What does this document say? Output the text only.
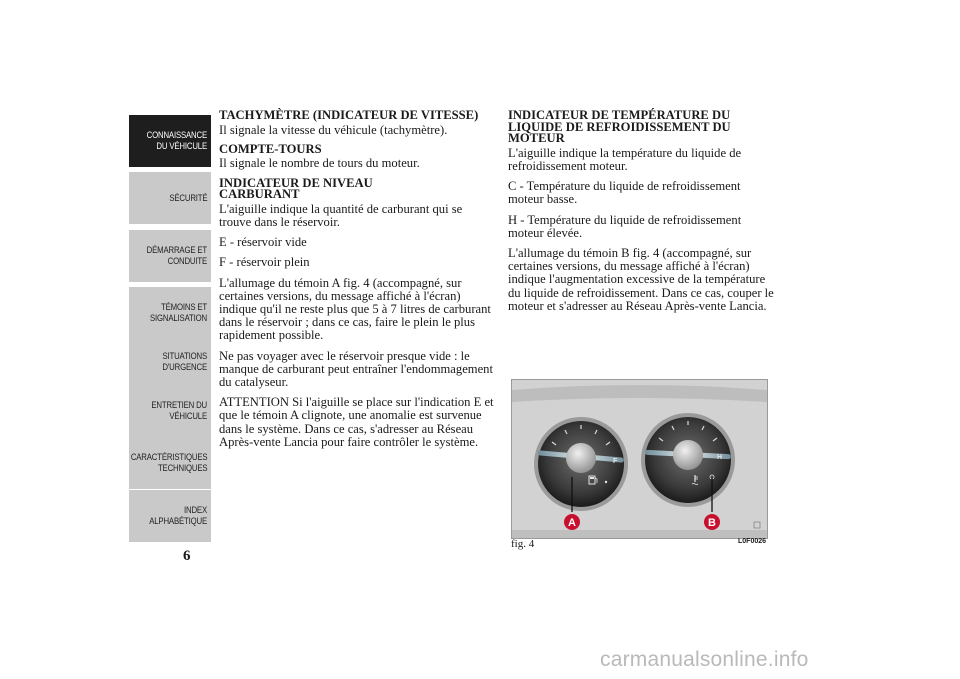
CONNAISSANCE DU VÉHICULE
SÉCURITÉ
DÉMARRAGE ET CONDUITE
TÉMOINS ET SIGNALISATION
SITUATIONS D'URGENCE
ENTRETIEN DU VÉHICULE
CARACTÉRISTIQUES TECHNIQUES
INDEX ALPHABÉTIQUE
6
TACHYMÈTRE (INDICATEUR DE VITESSE)

Il signale la vitesse du véhicule (tachymètre).

COMPTE-TOURS

Il signale le nombre de tours du moteur.

INDICATEUR DE NIVEAU CARBURANT

L'aiguille indique la quantité de carburant qui se trouve dans le réservoir.

E - réservoir vide

F - réservoir plein

L'allumage du témoin A fig. 4 (accompagné, sur certaines versions, du message affiché à l'écran) indique qu'il ne reste plus que 5 à 7 litres de carburant dans le réservoir ; dans ce cas, faire le plein le plus rapidement possible.

Ne pas voyager avec le réservoir presque vide : le manque de carburant peut entraîner l'endommagement du catalyseur.

ATTENTION Si l'aiguille se place sur l'indication E et que le témoin A clignote, une anomalie est survenue dans le système. Dans ce cas, s'adresser au Réseau Après-vente Lancia pour faire contrôler le système.

INDICATEUR DE TEMPÉRATURE DU LIQUIDE DE REFROIDISSEMENT DU MOTEUR

L'aiguille indique la température du liquide de refroidissement moteur.

C - Température du liquide de refroidissement moteur basse.

H - Température du liquide de refroidissement moteur élevée.

L'allumage du témoin B fig. 4 (accompagné, sur certaines versions, du message affiché à l'écran) indique l'augmentation excessive de la température du liquide de refroidissement. Dans ce cas, couper le moteur et s'adresser au Réseau Après-vente Lancia.

F
H
A	B
fig. 4	L0F0026
carmanualsonline.info
